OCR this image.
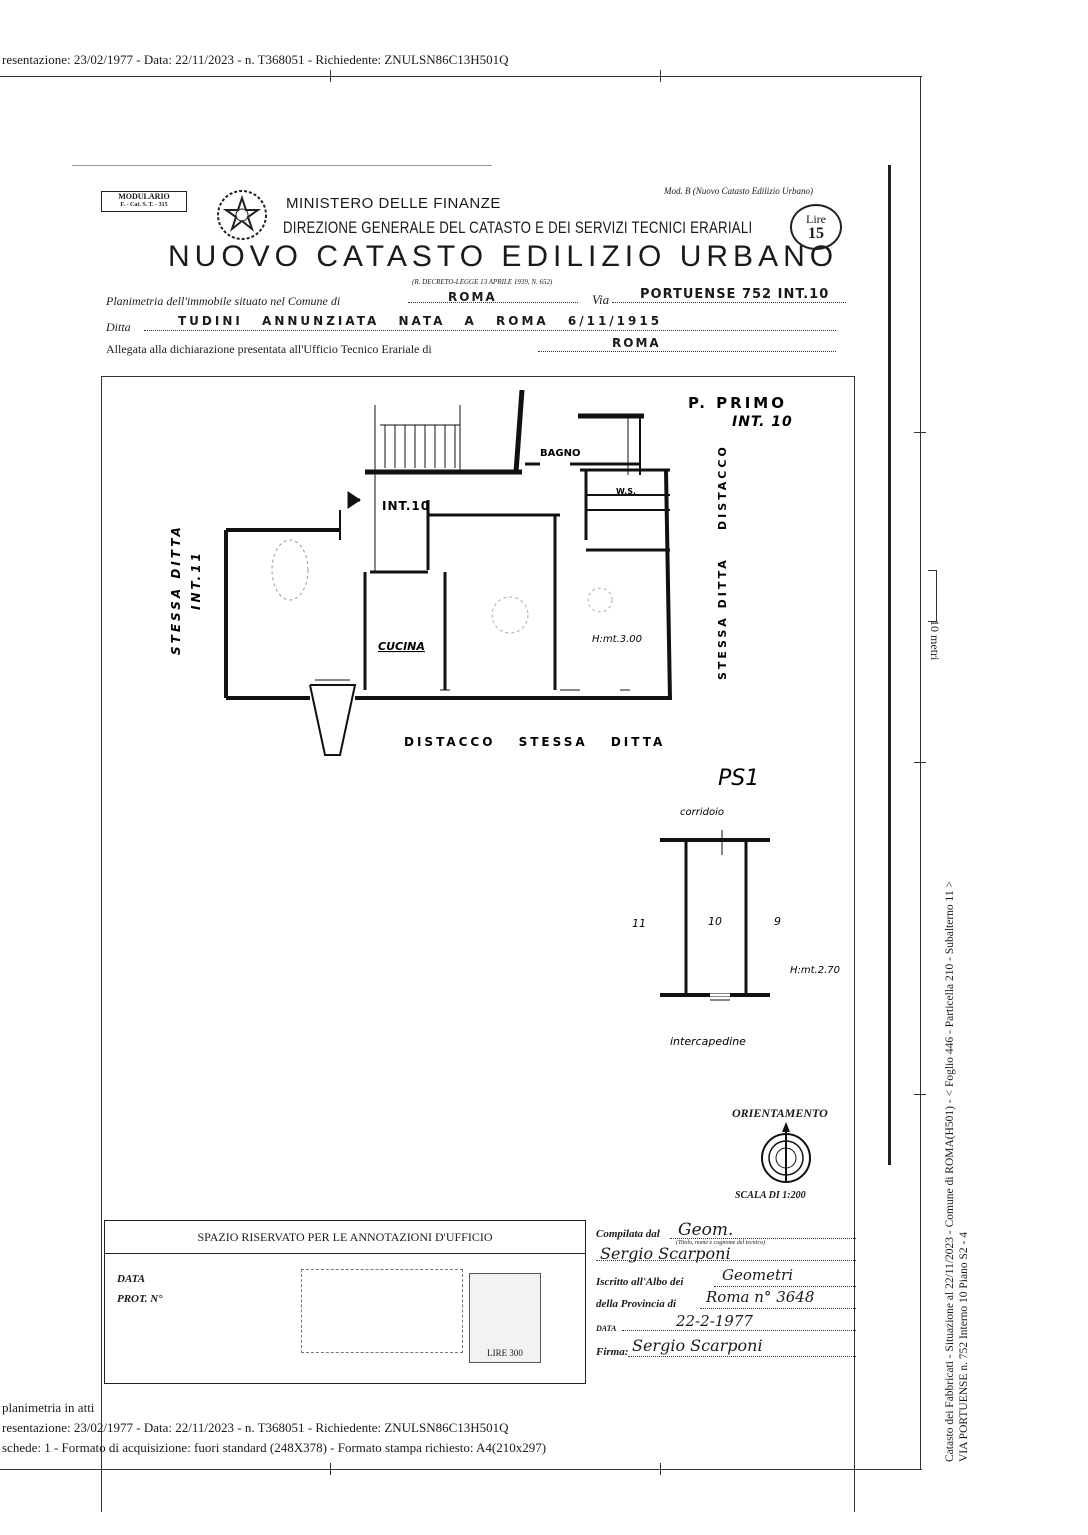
resentazione: 23/02/1977 - Data: 22/11/2023 - n. T368051 - Richiedente: ZNULSN86C13H501Q
MODULARIO
F. - Cat. S. T. - 315	MINISTERO DELLE FINANZE
DIREZIONE GENERALE DEL CATASTO E DEI SERVIZI TECNICI ERARIALI
Mod. B (Nuovo Catasto Edilizio Urbano)
Lire
15
NUOVO CATASTO EDILIZIO URBANO
(R. DECRETO-LEGGE 13 APRILE 1939, N. 652)
Planimetria dell'immobile situato nel Comune di	ROMA	Via PORTUENSE 752 INT.10
Ditta	TUDINI ANNUNZIATA NATA A ROMA 6/11/1915
Allegata alla dichiarazione presentata all'Ufficio Tecnico Erariale di	ROMA
P. PRIMO
INT. 10
BAGNO
W.S.
INT.10
CUCINA
H:mt.3.00
STESSA DITTA INT.11	STESSA DITTA
DISTACCO
DISTACCO STESSA DITTA
PS1
corridoio
11	10	9
H:mt.2.70
intercapedine
ORIENTAMENTO
SCALA DI 1:200
SPAZIO RISERVATO PER LE ANNOTAZIONI D'UFFICIO
DATA
PROT. N°
LIRE 300
Compilata dal Geom.
(Titolo, nome e cognome del tecnico)
Sergio Scarponi
Iscritto all'Albo dei	Geometri
della Provincia di Roma n° 3648
DATA	22-2-1977
Firma: Sergio Scarponi
10 metri
Catasto dei Fabbricati - Situazione al 22/11/2023 - Comune di ROMA(H501) - < Foglio 446 - Particella 210 - Subalterno 11 > VIA PORTUENSE n. 752 Interno 10 Piano S2 - 4
planimetria in atti
resentazione: 23/02/1977 - Data: 22/11/2023 - n. T368051 - Richiedente: ZNULSN86C13H501Q
schede: 1 - Formato di acquisizione: fuori standard (248X378) - Formato stampa richiesto: A4(210x297)
